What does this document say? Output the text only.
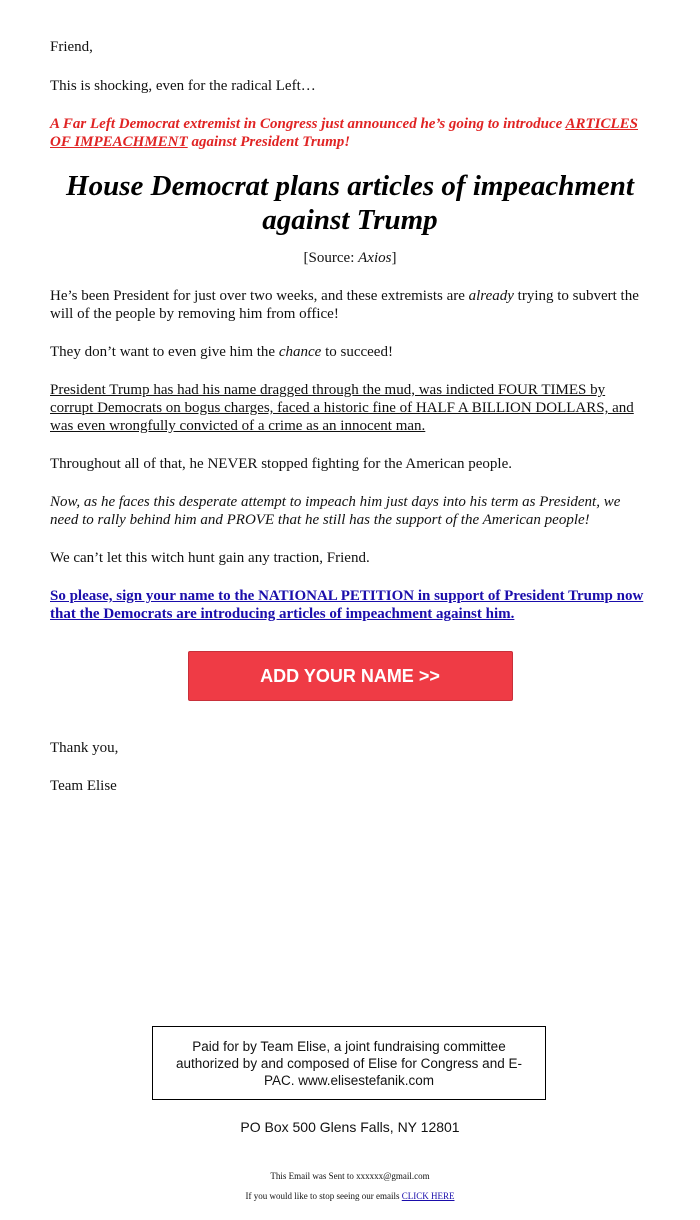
Friend,

This is shocking, even for the radical Left…

A Far Left Democrat extremist in Congress just announced he’s going to introduce ARTICLES OF IMPEACHMENT against President Trump!

House Democrat plans articles of impeachment against Trump

[Source: Axios]

He’s been President for just over two weeks, and these extremists are already trying to subvert the will of the people by removing him from office!

They don’t want to even give him the chance to succeed!

President Trump has had his name dragged through the mud, was indicted FOUR TIMES by corrupt Democrats on bogus charges, faced a historic fine of HALF A BILLION DOLLARS, and was even wrongfully convicted of a crime as an innocent man.

Throughout all of that, he NEVER stopped fighting for the American people.

Now, as he faces this desperate attempt to impeach him just days into his term as President, we need to rally behind him and PROVE that he still has the support of the American people!

We can’t let this witch hunt gain any traction, Friend.

So please, sign your name to the NATIONAL PETITION in support of President Trump now that the Democrats are introducing articles of impeachment against him.
ADD YOUR NAME >>

Thank you,

Team Elise

Paid for by Team Elise, a joint fundraising committee authorized by and composed of Elise for Congress and E-PAC. www.elisestefanik.com
PO Box 500 Glens Falls, NY 12801
This Email was Sent to xxxxxx@gmail.com
If you would like to stop seeing our emails CLICK HERE
